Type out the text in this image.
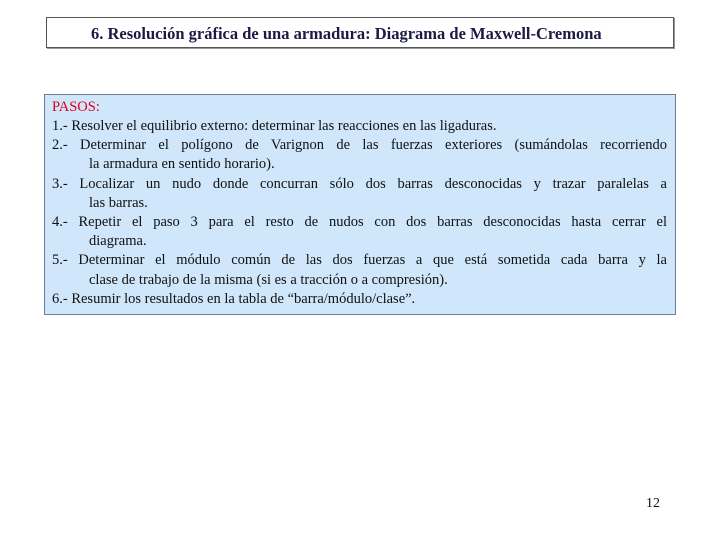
6. Resolución gráfica de una armadura: Diagrama de Maxwell-Cremona

PASOS:

1.- Resolver el equilibrio externo: determinar las reacciones en las ligaduras.

2.- Determinar el polígono de Varignon de las fuerzas exteriores (sumándolas recorriendo

la armadura en sentido horario).

3.- Localizar un nudo donde concurran sólo dos barras desconocidas y trazar paralelas a

las barras.

4.- Repetir el paso 3 para el resto de nudos con dos barras desconocidas hasta cerrar el

diagrama.

5.- Determinar el módulo común de las dos fuerzas a que está sometida cada barra y la

clase de trabajo de la misma (si es a tracción o a compresión).

6.- Resumir los resultados en la tabla de “barra/módulo/clase”.

12
